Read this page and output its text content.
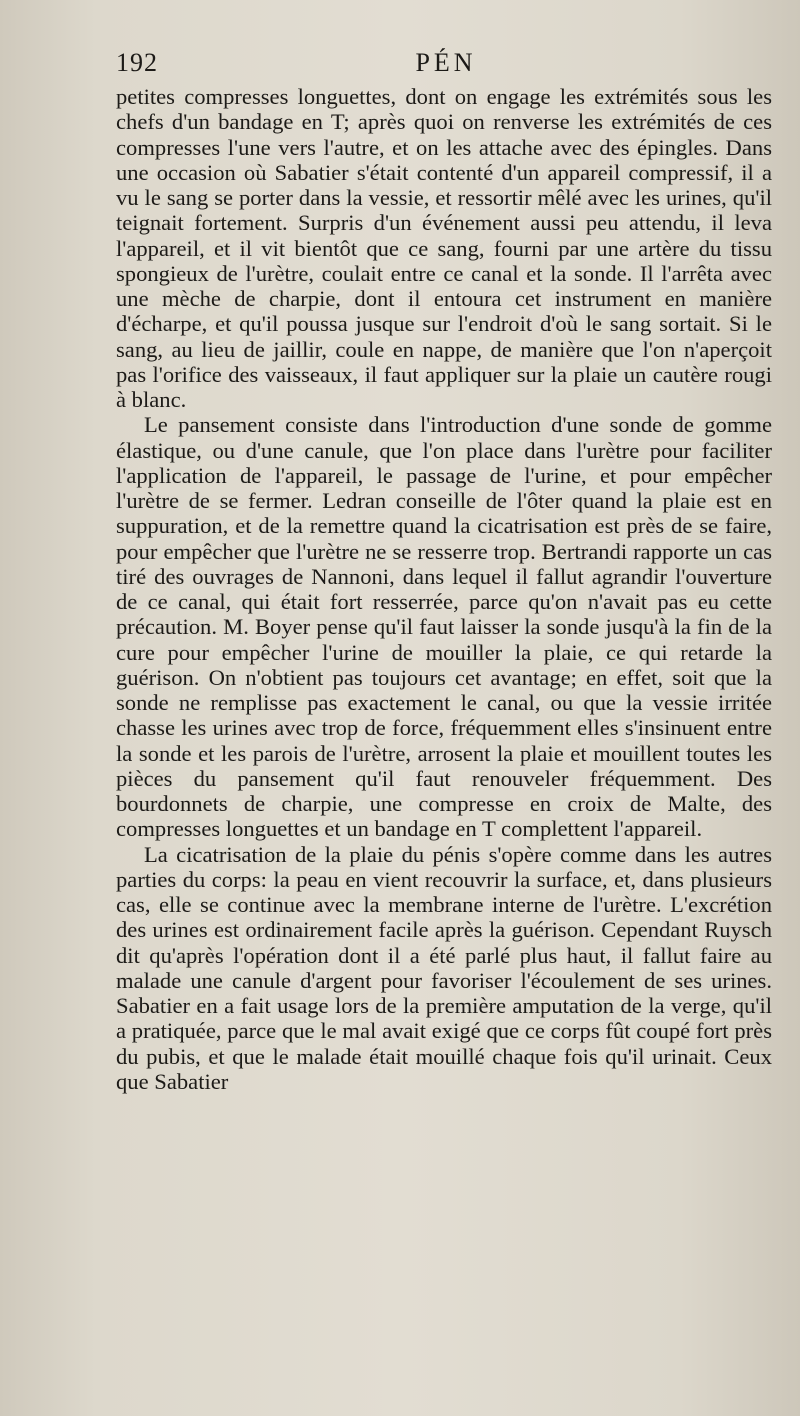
192	PÉN

petites compresses longuettes, dont on engage les extrémités sous les chefs d'un bandage en T; après quoi on renverse les extrémités de ces compresses l'une vers l'autre, et on les attache avec des épingles. Dans une occasion où Sabatier s'était contenté d'un appareil compressif, il a vu le sang se porter dans la vessie, et ressortir mêlé avec les urines, qu'il teignait fortement. Surpris d'un événement aussi peu attendu, il leva l'appareil, et il vit bientôt que ce sang, fourni par une artère du tissu spongieux de l'urètre, coulait entre ce canal et la sonde. Il l'arrêta avec une mèche de charpie, dont il entoura cet instrument en manière d'écharpe, et qu'il poussa jusque sur l'endroit d'où le sang sortait. Si le sang, au lieu de jaillir, coule en nappe, de manière que l'on n'aperçoit pas l'orifice des vaisseaux, il faut appliquer sur la plaie un cautère rougi à blanc.

Le pansement consiste dans l'introduction d'une sonde de gomme élastique, ou d'une canule, que l'on place dans l'urètre pour faciliter l'application de l'appareil, le passage de l'urine, et pour empêcher l'urètre de se fermer. Ledran conseille de l'ôter quand la plaie est en suppuration, et de la remettre quand la cicatrisation est près de se faire, pour empêcher que l'urètre ne se resserre trop. Bertrandi rapporte un cas tiré des ouvrages de Nannoni, dans lequel il fallut agrandir l'ouverture de ce canal, qui était fort resserrée, parce qu'on n'avait pas eu cette précaution. M. Boyer pense qu'il faut laisser la sonde jusqu'à la fin de la cure pour empêcher l'urine de mouiller la plaie, ce qui retarde la guérison. On n'obtient pas toujours cet avantage; en effet, soit que la sonde ne remplisse pas exactement le canal, ou que la vessie irritée chasse les urines avec trop de force, fréquemment elles s'insinuent entre la sonde et les parois de l'urètre, arrosent la plaie et mouillent toutes les pièces du pansement qu'il faut renouveler fréquemment. Des bourdonnets de charpie, une compresse en croix de Malte, des compresses longuettes et un bandage en T complettent l'appareil.

La cicatrisation de la plaie du pénis s'opère comme dans les autres parties du corps: la peau en vient recouvrir la surface, et, dans plusieurs cas, elle se continue avec la membrane interne de l'urètre. L'excrétion des urines est ordinairement facile après la guérison. Cependant Ruysch dit qu'après l'opération dont il a été parlé plus haut, il fallut faire au malade une canule d'argent pour favoriser l'écoulement de ses urines. Sabatier en a fait usage lors de la première amputation de la verge, qu'il a pratiquée, parce que le mal avait exigé que ce corps fût coupé fort près du pubis, et que le malade était mouillé chaque fois qu'il urinait. Ceux que Sabatier
